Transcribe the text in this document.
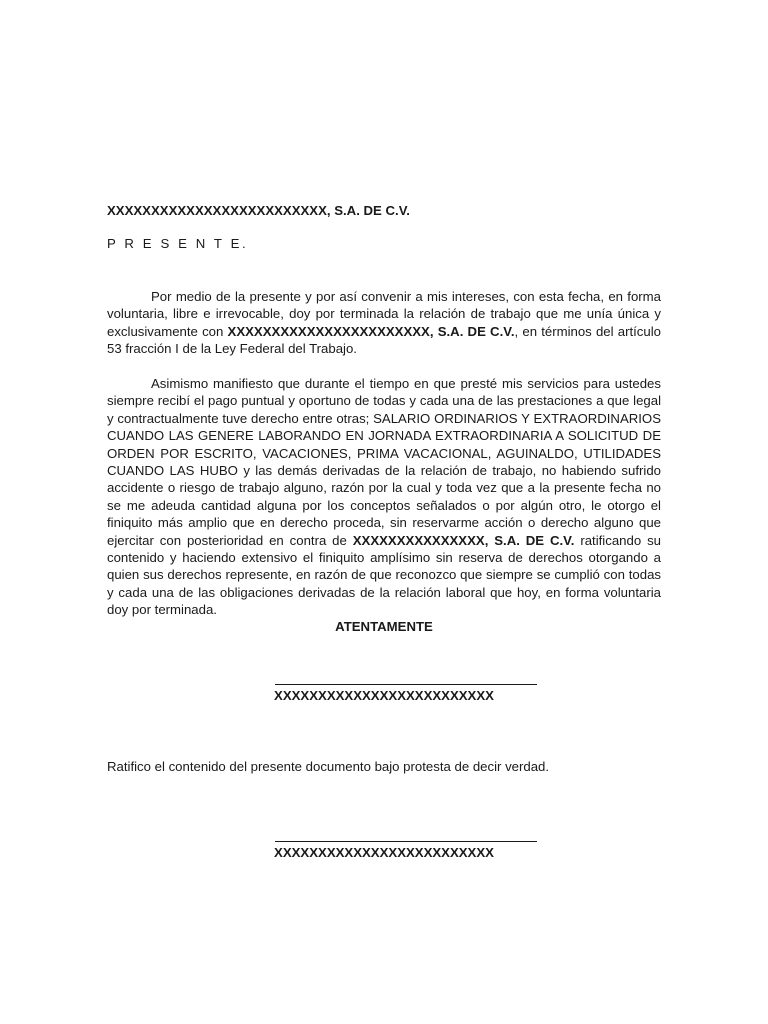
XXXXXXXXXXXXXXXXXXXXXXXXX, S.A. DE C.V.
P R E S E N T E.

Por medio de la presente y por así convenir a mis intereses, con esta fecha, en forma voluntaria, libre e irrevocable, doy por terminada la relación de trabajo que me unía única y exclusivamente con XXXXXXXXXXXXXXXXXXXXXXX, S.A. DE C.V., en términos del artículo 53 fracción I de la Ley Federal del Trabajo.

Asimismo manifiesto que durante el tiempo en que presté mis servicios para ustedes siempre recibí el pago puntual y oportuno de todas y cada una de las prestaciones a que legal y contractualmente tuve derecho entre otras; SALARIO ORDINARIOS Y EXTRAORDINARIOS CUANDO LAS GENERE LABORANDO EN JORNADA EXTRAORDINARIA A SOLICITUD DE ORDEN POR ESCRITO, VACACIONES, PRIMA VACACIONAL, AGUINALDO, UTILIDADES CUANDO LAS HUBO y las demás derivadas de la relación de trabajo, no habiendo sufrido accidente o riesgo de trabajo alguno, razón por la cual y toda vez que a la presente fecha no se me adeuda cantidad alguna por los conceptos señalados o por algún otro, le otorgo el finiquito más amplio que en derecho proceda, sin reservarme acción o derecho alguno que ejercitar con posterioridad en contra de XXXXXXXXXXXXXXX, S.A. DE C.V. ratificando su contenido y haciendo extensivo el finiquito amplísimo sin reserva de derechos otorgando a quien sus derechos represente, en razón de que reconozco que siempre se cumplió con todas y cada una de las obligaciones derivadas de la relación laboral que hoy, en forma voluntaria doy por terminada.

ATENTAMENTE
XXXXXXXXXXXXXXXXXXXXXXXXX
Ratifico el contenido del presente documento bajo protesta de decir verdad.
XXXXXXXXXXXXXXXXXXXXXXXXX
